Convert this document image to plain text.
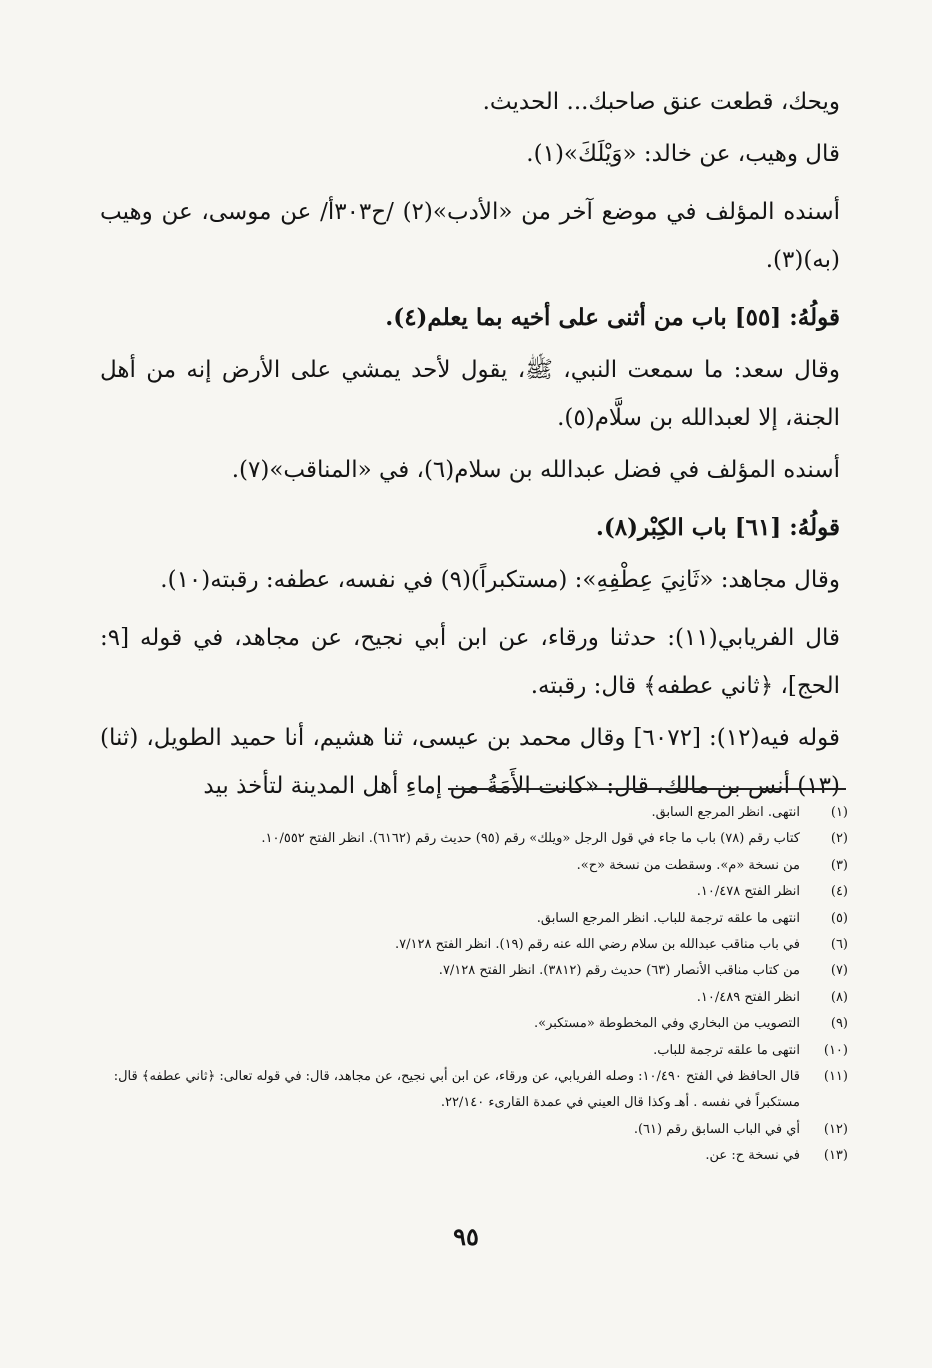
ويحك، قطعت عنق صاحبك... الحديث.

قال وهيب، عن خالد: «وَيْلَكَ»(١).

أسنده المؤلف في موضع آخر من «الأدب»(٢) /ح٣٠٣أ/ عن موسى، عن وهيب (به)(٣).

قولُهُ: [٥٥] باب من أثنى على أخيه بما يعلم(٤).

وقال سعد: ما سمعت النبي، ﷺ، يقول لأحد يمشي على الأرض إنه من أهل الجنة، إلا لعبدالله بن سلَّام(٥).

أسنده المؤلف في فضل عبدالله بن سلام(٦)، في «المناقب»(٧).

قولُهُ: [٦١] باب الكِبْر(٨).

وقال مجاهد: «ثَانِيَ عِطْفِهِ»: (مستكبراً)(٩) في نفسه، عطفه: رقبته(١٠).

قال الفريابي(١١): حدثنا ورقاء، عن ابن أبي نجيح، عن مجاهد، في قوله [٩: الحج]، ﴿ثاني عطفه﴾ قال: رقبته.

قوله فيه(١٢): [٦٠٧٢] وقال محمد بن عيسى، ثنا هشيم، أنا حميد الطويل، (ثنا)(١٣) أنس بن مالك، قال: «كانت الأَمَةُ من إماءِ أهل المدينة لتأخذ بيد

(١)
انتهى. انظر المرجع السابق.
(٢)
كتاب رقم (٧٨) باب ما جاء في قول الرجل «ويلك» رقم (٩٥) حديث رقم (٦١٦٢). انظر الفتح ١٠/٥٥٢.
(٣)
من نسخة «م». وسقطت من نسخة «ح».
(٤)
انظر الفتح ١٠/٤٧٨.
(٥)
انتهى ما علقه ترجمة للباب. انظر المرجع السابق.
(٦)
في باب مناقب عبدالله بن سلام رضي الله عنه رقم (١٩). انظر الفتح ٧/١٢٨.
(٧)
من كتاب مناقب الأنصار (٦٣) حديث رقم (٣٨١٢). انظر الفتح ٧/١٢٨.
(٨)
انظر الفتح ١٠/٤٨٩.
(٩)
التصويب من البخاري وفي المخطوطة «مستكبر».
(١٠)
انتهى ما علقه ترجمة للباب.
(١١)
قال الحافظ في الفتح ١٠/٤٩٠: وصله الفريابي، عن ورقاء، عن ابن أبي نجيح، عن مجاهد، قال: في قوله تعالى: ﴿ثاني عطفه﴾ قال: مستكبراً في نفسه . أهـ وكذا قال العيني في عمدة القارىء ٢٢/١٤٠.
(١٢)
أي في الباب السابق رقم (٦١).
(١٣)
في نسخة ح: عن.
٩٥
